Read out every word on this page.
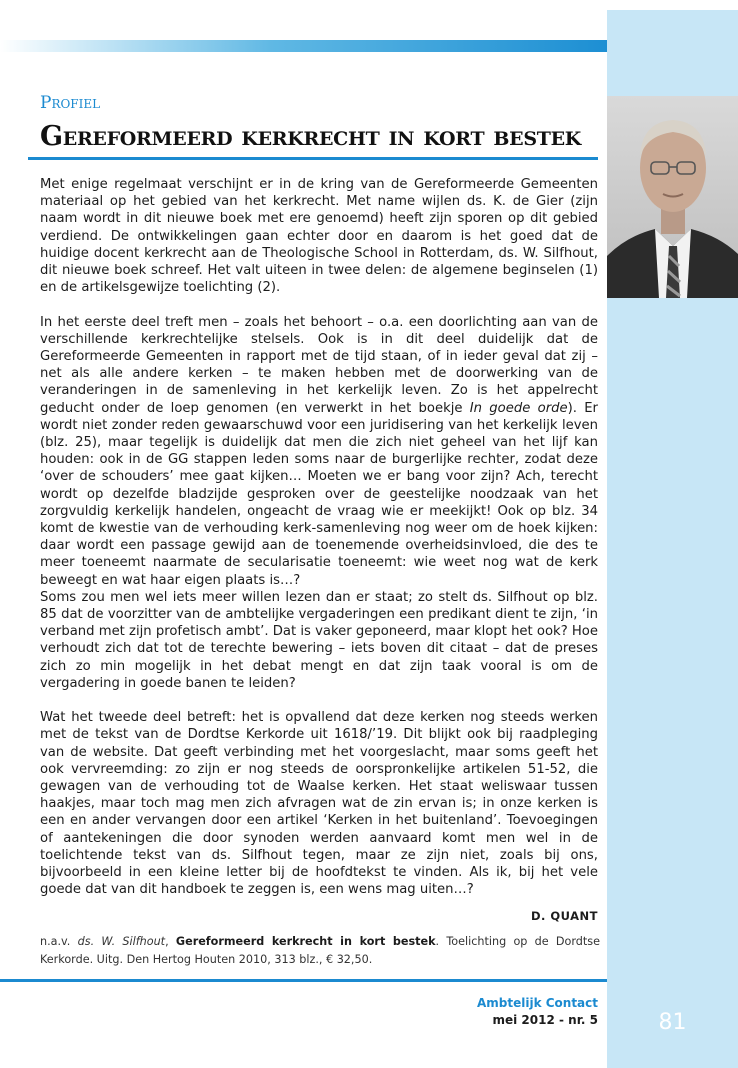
Profiel
Gereformeerd kerkrecht in kort bestek

Met enige regelmaat verschijnt er in de kring van de Gereformeerde Gemeenten materiaal op het gebied van het kerkrecht. Met name wijlen ds. K. de Gier (zijn naam wordt in dit nieuwe boek met ere genoemd) heeft zijn sporen op dit gebied verdiend. De ontwikkelingen gaan echter door en daarom is het goed dat de huidige docent kerkrecht aan de Theologische School in Rotterdam, ds. W. Silfhout, dit nieuwe boek schreef. Het valt uiteen in twee delen: de algemene beginselen (1) en de artikelsgewijze toelichting (2).

In het eerste deel treft men – zoals het behoort – o.a. een doorlichting aan van de verschillende kerkrechtelijke stelsels. Ook is in dit deel duidelijk dat de Gereformeerde Gemeenten in rapport met de tijd staan, of in ieder geval dat zij – net als alle andere kerken – te maken hebben met de doorwerking van de veranderingen in de samenleving in het kerkelijk leven. Zo is het appelrecht geducht onder de loep genomen (en verwerkt in het boekje In goede orde). Er wordt niet zonder reden gewaarschuwd voor een juridisering van het kerkelijk leven (blz. 25), maar tegelijk is duidelijk dat men die zich niet geheel van het lijf kan houden: ook in de GG stappen leden soms naar de burgerlijke rechter, zodat deze ‘over de schouders’ mee gaat kijken… Moeten we er bang voor zijn? Ach, terecht wordt op dezelfde bladzijde gesproken over de geestelijke noodzaak van het zorgvuldig kerkelijk handelen, ongeacht de vraag wie er meekijkt! Ook op blz. 34 komt de kwestie van de verhouding kerk-samenleving nog weer om de hoek kijken: daar wordt een passage gewijd aan de toenemende overheidsinvloed, die des te meer toeneemt naarmate de secularisatie toeneemt: wie weet nog wat de kerk beweegt en wat haar eigen plaats is…?

Soms zou men wel iets meer willen lezen dan er staat; zo stelt ds. Silfhout op blz. 85 dat de voorzitter van de ambtelijke vergaderingen een predikant dient te zijn, ‘in verband met zijn profetisch ambt’. Dat is vaker geponeerd, maar klopt het ook? Hoe verhoudt zich dat tot de terechte bewering – iets boven dit citaat – dat de preses zich zo min mogelijk in het debat mengt en dat zijn taak vooral is om de vergadering in goede banen te leiden?

Wat het tweede deel betreft: het is opvallend dat deze kerken nog steeds werken met de tekst van de Dordtse Kerkorde uit 1618/’19. Dit blijkt ook bij raadpleging van de website. Dat geeft verbinding met het voorgeslacht, maar soms geeft het ook vervreemding: zo zijn er nog steeds de oorspronkelijke artikelen 51-52, die gewagen van de verhouding tot de Waalse kerken. Het staat weliswaar tussen haakjes, maar toch mag men zich afvragen wat de zin ervan is; in onze kerken is een en ander vervangen door een artikel ‘Kerken in het buitenland’. Toevoegingen of aantekeningen die door synoden werden aanvaard komt men wel in de toelichtende tekst van ds. Silfhout tegen, maar ze zijn niet, zoals bij ons, bijvoorbeeld in een kleine letter bij de hoofdtekst te vinden. Als ik, bij het vele goede dat van dit handboek te zeggen is, een wens mag uiten…?

D. QUANT
n.a.v. ds. W. Silfhout, Gereformeerd kerkrecht in kort bestek. Toelichting op de Dordtse Kerkorde. Uitg. Den Hertog Houten 2010, 313 blz., € 32,50.
Ambtelijk Contact
mei 2012 - nr. 5	81
